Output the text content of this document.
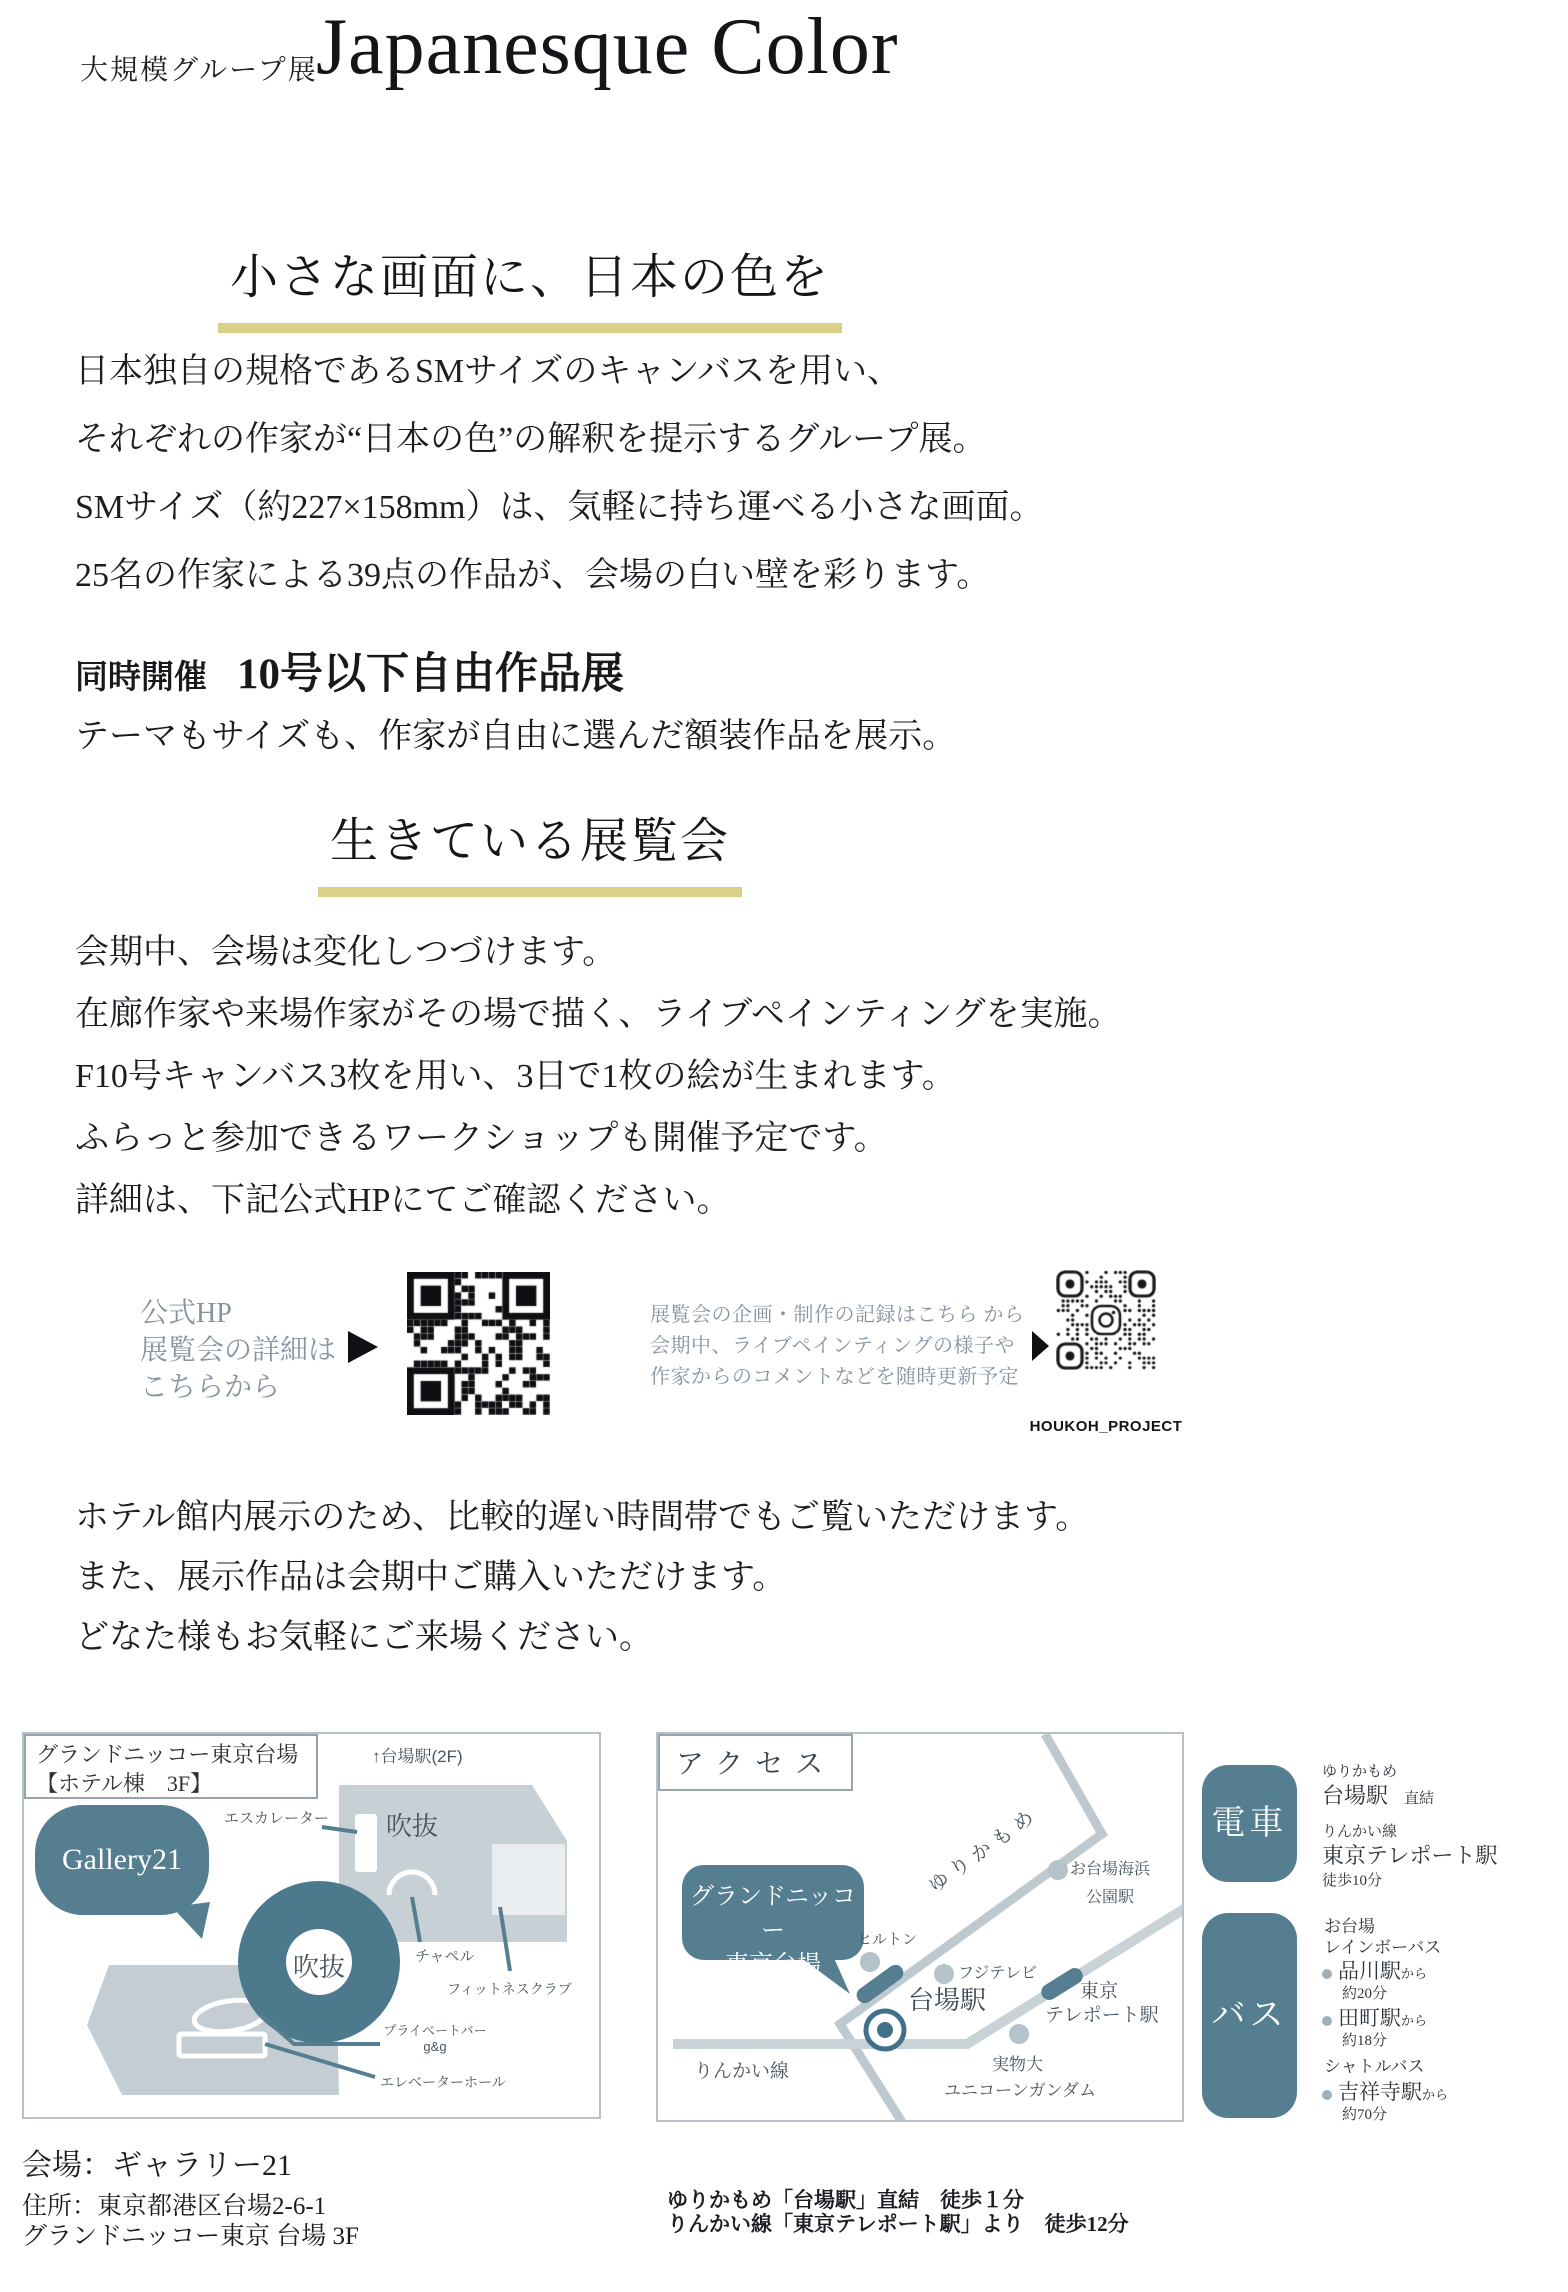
大規模グループ展
Japanesque Color
小さな画面に、日本の色を
日本独自の規格であるSMサイズのキャンバスを用い、
それぞれの作家が“日本の色”の解釈を提示するグループ展。
SMサイズ（約227×158mm）は、気軽に持ち運べる小さな画面。
25名の作家による39点の作品が、会場の白い壁を彩ります。
同時開催 10号以下自由作品展
テーマもサイズも、作家が自由に選んだ額装作品を展示。
生きている展覧会
会期中、会場は変化しつづけます。
在廊作家や来場作家がその場で描く、ライブペインティングを実施。
F10号キャンバス3枚を用い、3日で1枚の絵が生まれます。
ふらっと参加できるワークショップも開催予定です。
詳細は、下記公式HPにてご確認ください。
公式HP
展覧会の詳細は
こちらから
展覧会の企画・制作の記録はこちら から
会期中、ライブペインティングの様子や
作家からのコメントなどを随時更新予定
HOUKOH_PROJECT
ホテル館内展示のため、比較的遅い時間帯でもご覧いただけます。
また、展示作品は会期中ご購入いただけます。
どなた様もお気軽にご来場ください。
グランドニッコー東京台場
【ホテル棟　3F】
↑台場駅(2F)
Gallery21
エスカレーター 吹抜
吹抜	チャペル
フィットネスクラブ
プライベートバー
g&g
エレベーターホール
アクセス
グランドニッコー
東京台場
ゆりかもめ お台場海浜
公園駅
ヒルトン
フジテレビ
台場駅	東京
テレポート駅
りんかい線	実物大
ユニコーンガンダム
電車
ゆりかもめ
台場駅 直結
りんかい線
東京テレポート駅
徒歩10分
バス
お台場
レインボーバス
品川駅から
約20分
田町駅から
約18分
シャトルバス
吉祥寺駅から
約70分
会場：ギャラリー21
住所：東京都港区台場2-6-1
グランドニッコー東京 台場 3F
ゆりかもめ「台場駅」直結　徒歩１分
りんかい線「東京テレポート駅」より　徒歩12分
